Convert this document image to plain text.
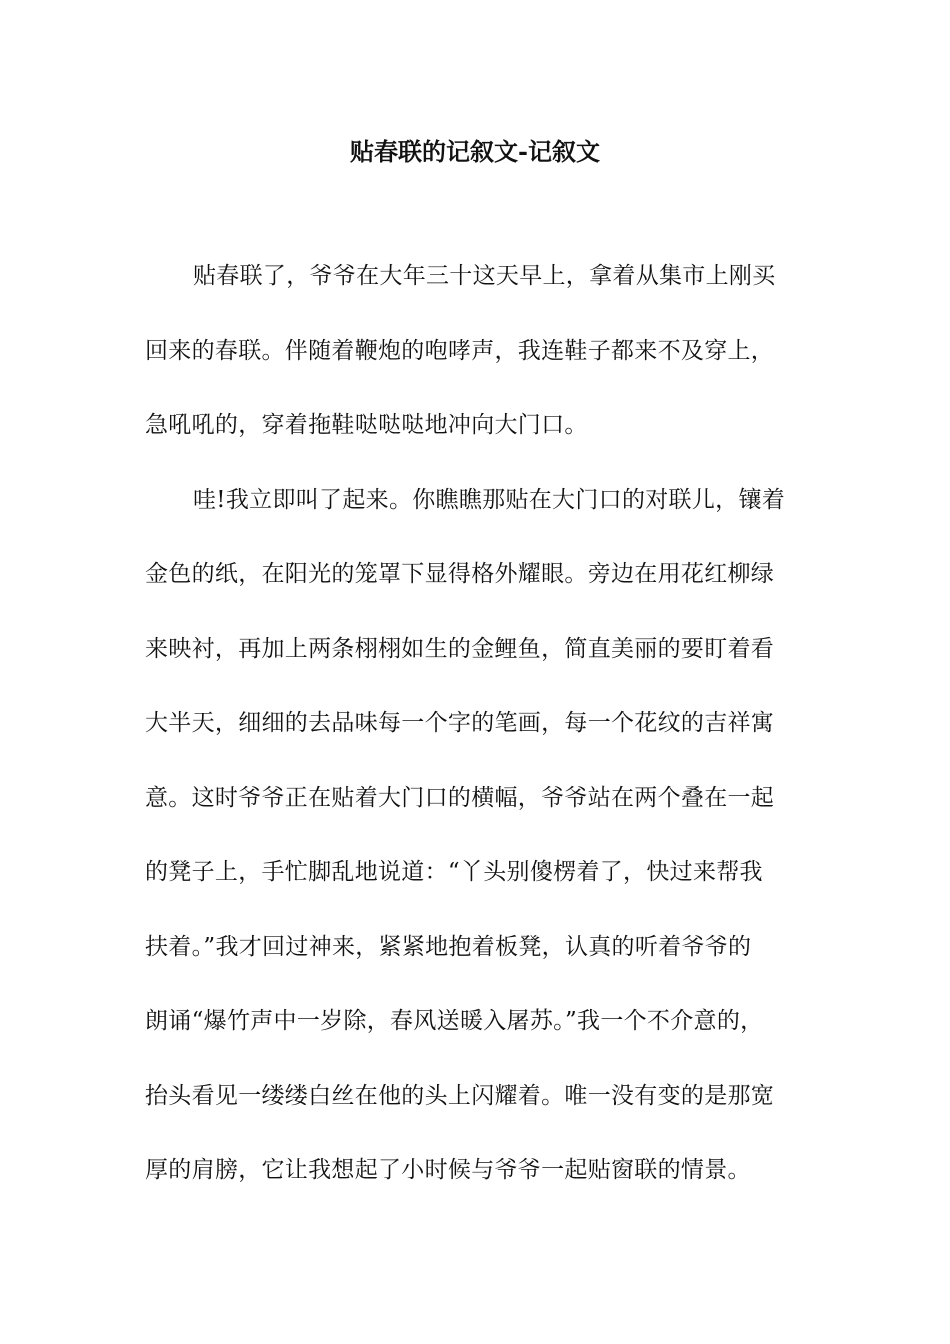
贴春联的记叙文-记叙文
贴春联了，爷爷在大年三十这天早上，拿着从集市上刚买
回来的春联。伴随着鞭炮的咆哮声，我连鞋子都来不及穿上，
急吼吼的，穿着拖鞋哒哒哒地冲向大门口。
哇!我立即叫了起来。你瞧瞧那贴在大门口的对联儿，镶着
金色的纸，在阳光的笼罩下显得格外耀眼。旁边在用花红柳绿
来映衬，再加上两条栩栩如生的金鲤鱼，简直美丽的要盯着看
大半天，细细的去品味每一个字的笔画，每一个花纹的吉祥寓
意。这时爷爷正在贴着大门口的横幅，爷爷站在两个叠在一起
的凳子上，手忙脚乱地说道：“丫头别傻楞着了，快过来帮我
扶着。”我才回过神来，紧紧地抱着板凳，认真的听着爷爷的
朗诵“爆竹声中一岁除，春风送暖入屠苏。”我一个不介意的，
抬头看见一缕缕白丝在他的头上闪耀着。唯一没有变的是那宽
厚的肩膀，它让我想起了小时候与爷爷一起贴窗联的情景。
